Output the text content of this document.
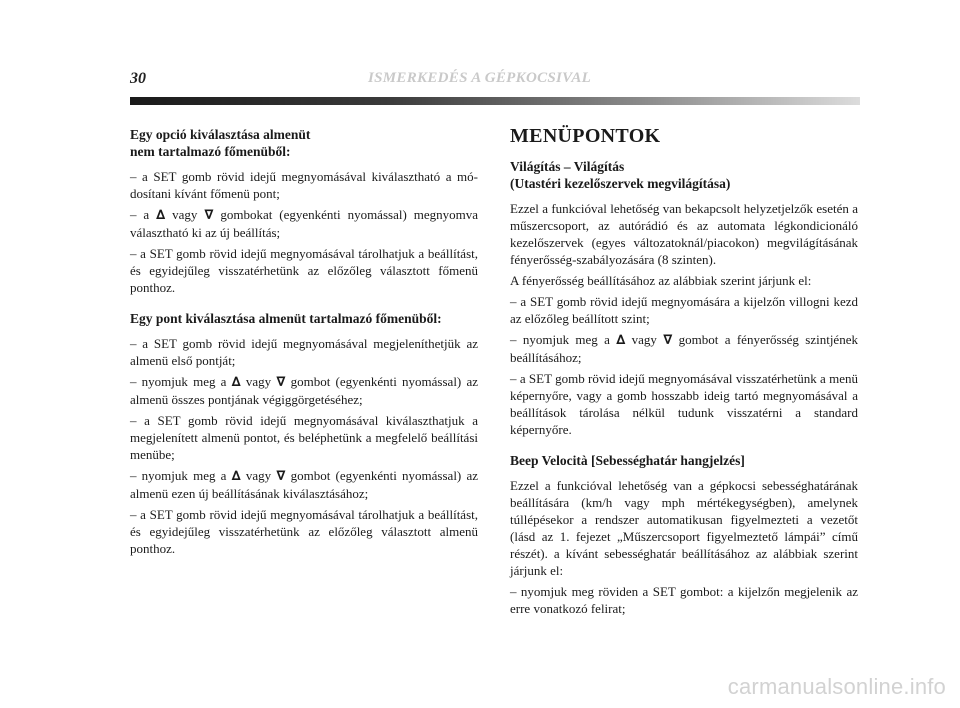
30	ISMERKEDÉS A GÉPKOCSIVAL
Egy opció kiválasztása almenüt
nem tartalmazó főmenüből:

– a SET gomb rövid idejű megnyomásával kiválasztható a módosítani kívánt főmenü pont;

– a ∆ vagy ∇ gombokat (egyenkénti nyomással) megnyomva választható ki az új beállítás;

– a SET gomb rövid idejű megnyomásával tárolhatjuk a beállítást, és egyidejűleg visszatérhetünk az előzőleg választott főmenü ponthoz.

Egy pont kiválasztása almenüt tartalmazó főmenüből:

– a SET gomb rövid idejű megnyomásával megjeleníthetjük az almenü első pontját;

– nyomjuk meg a ∆ vagy ∇ gombot (egyenkénti nyomással) az almenü összes pontjának végiggörgetéséhez;

– a SET gomb rövid idejű megnyomásával kiválaszthatjuk a megjelenített almenü pontot, és beléphetünk a megfelelő beállítási menübe;

– nyomjuk meg a ∆ vagy ∇ gombot (egyenkénti nyomással) az almenü ezen új beállításának kiválasztásához;

– a SET gomb rövid idejű megnyomásával tárolhatjuk a beállítást, és egyidejűleg visszatérhetünk az előzőleg választott almenü ponthoz.

MENÜPONTOK
Világítás – Világítás
(Utastéri kezelőszervek megvilágítása)

Ezzel a funkcióval lehetőség van bekapcsolt helyzetjelzők esetén a műszercsoport, az autórádió és az automata légkondicionáló kezelőszervek (egyes változatoknál/piacokon) megvilágításának fényerősség-szabályozására (8 szinten).

A fényerősség beállításához az alábbiak szerint járjunk el:

– a SET gomb rövid idejű megnyomására a kijelzőn villogni kezd az előzőleg beállított szint;

– nyomjuk meg a ∆ vagy ∇ gombot a fényerősség szintjének beállításához;

– a SET gomb rövid idejű megnyomásával visszatérhetünk a menü képernyőre, vagy a gomb hosszabb ideig tartó megnyomásával a beállítások tárolása nélkül tudunk visszatérni a standard képernyőre.

Beep Velocità [Sebességhatár hangjelzés]

Ezzel a funkcióval lehetőség van a gépkocsi sebességhatárának beállítására (km/h vagy mph mértékegységben), amelynek túllépésekor a rendszer automatikusan figyelmezteti a vezetőt (lásd az 1. fejezet „Műszercsoport figyelmeztető lámpái” című részét). a kívánt sebességhatár beállításához az alábbiak szerint járjunk el:

– nyomjuk meg röviden a SET gombot: a kijelzőn megjelenik az erre vonatkozó felirat;

carmanualsonline.info
